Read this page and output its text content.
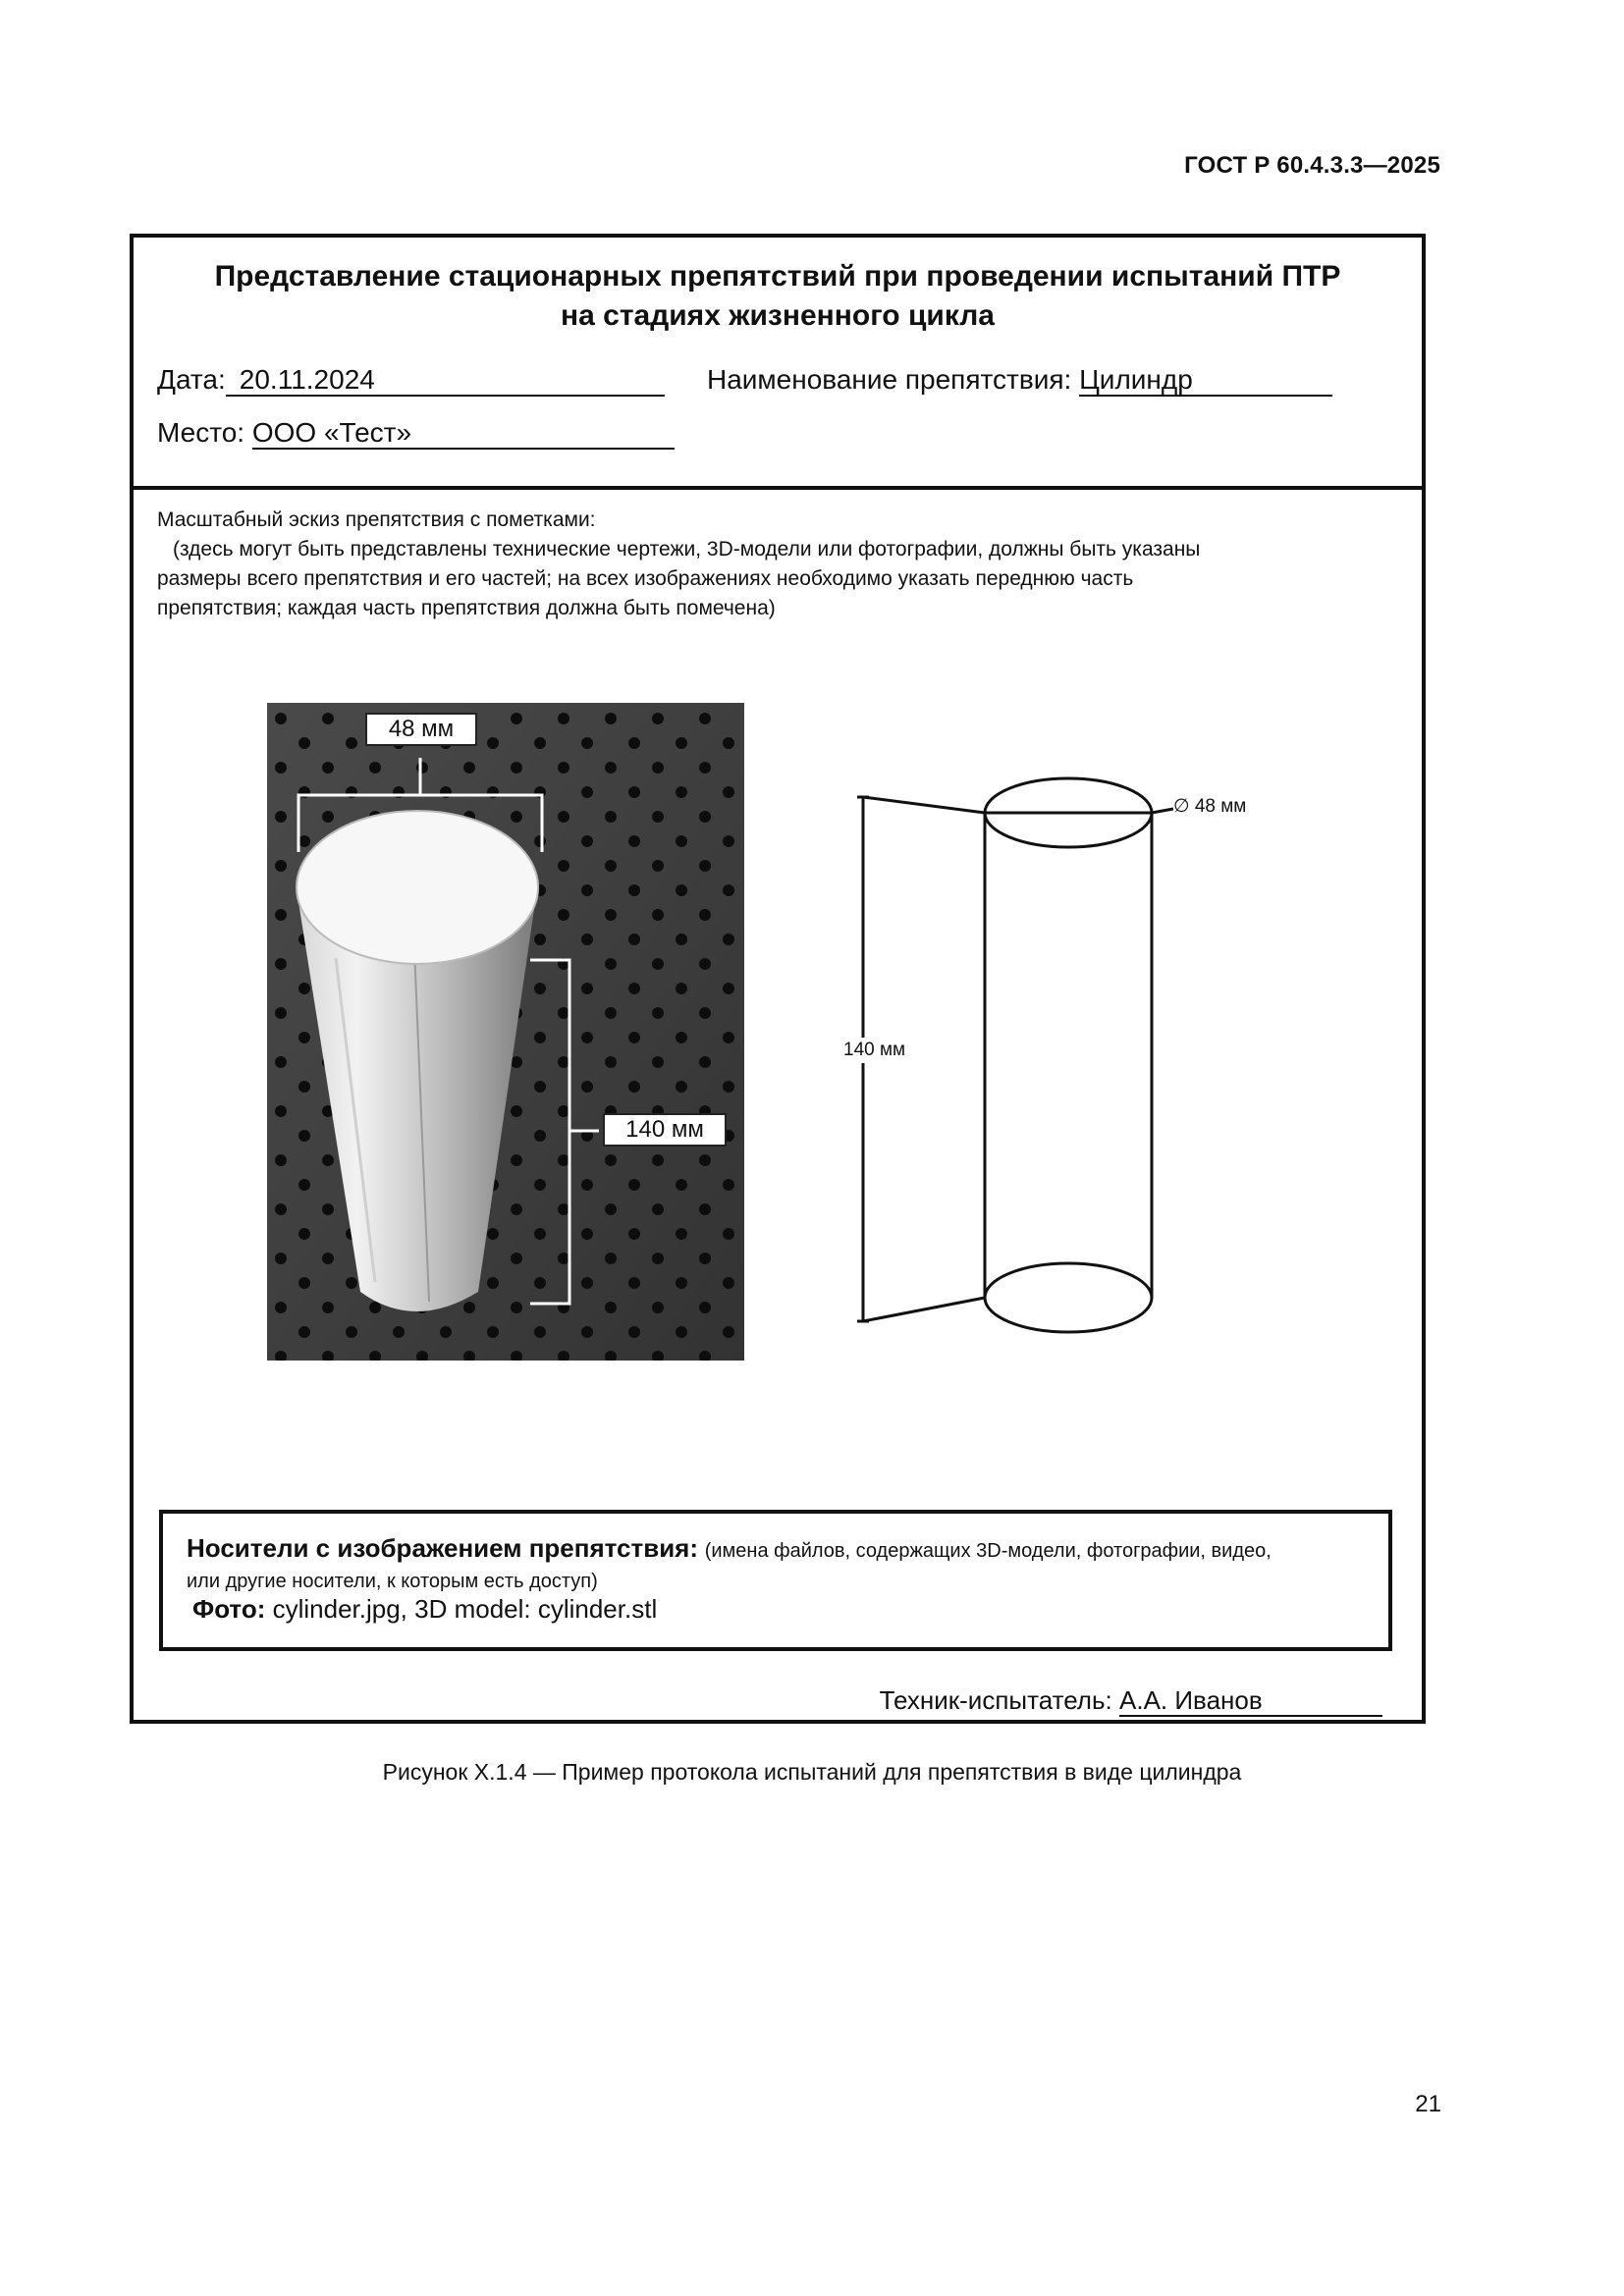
ГОСТ Р 60.4.3.3—2025
Представление стационарных препятствий при проведении испытаний ПТР
на стадиях жизненного цикла
Дата: 20.11.2024	Наименование препятствия: Цилиндр
Место: ООО «Тест»
Масштабный эскиз препятствия с пометками:
(здесь могут быть представлены технические чертежи, 3D-модели или фотографии, должны быть указаны
размеры всего препятствия и его частей; на всех изображениях необходимо указать переднюю часть
препятствия; каждая часть препятствия должна быть помечена)
48 мм
140 мм
∅ 48 мм
140 мм
Носители с изображением препятствия: (имена файлов, содержащих 3D-модели, фотографии, видео,
или другие носители, к которым есть доступ)
Фото: cylinder.jpg, 3D model: cylinder.stl
Техник-испытатель: А.А. Иванов
Рисунок Х.1.4 — Пример протокола испытаний для препятствия в виде цилиндра
21
